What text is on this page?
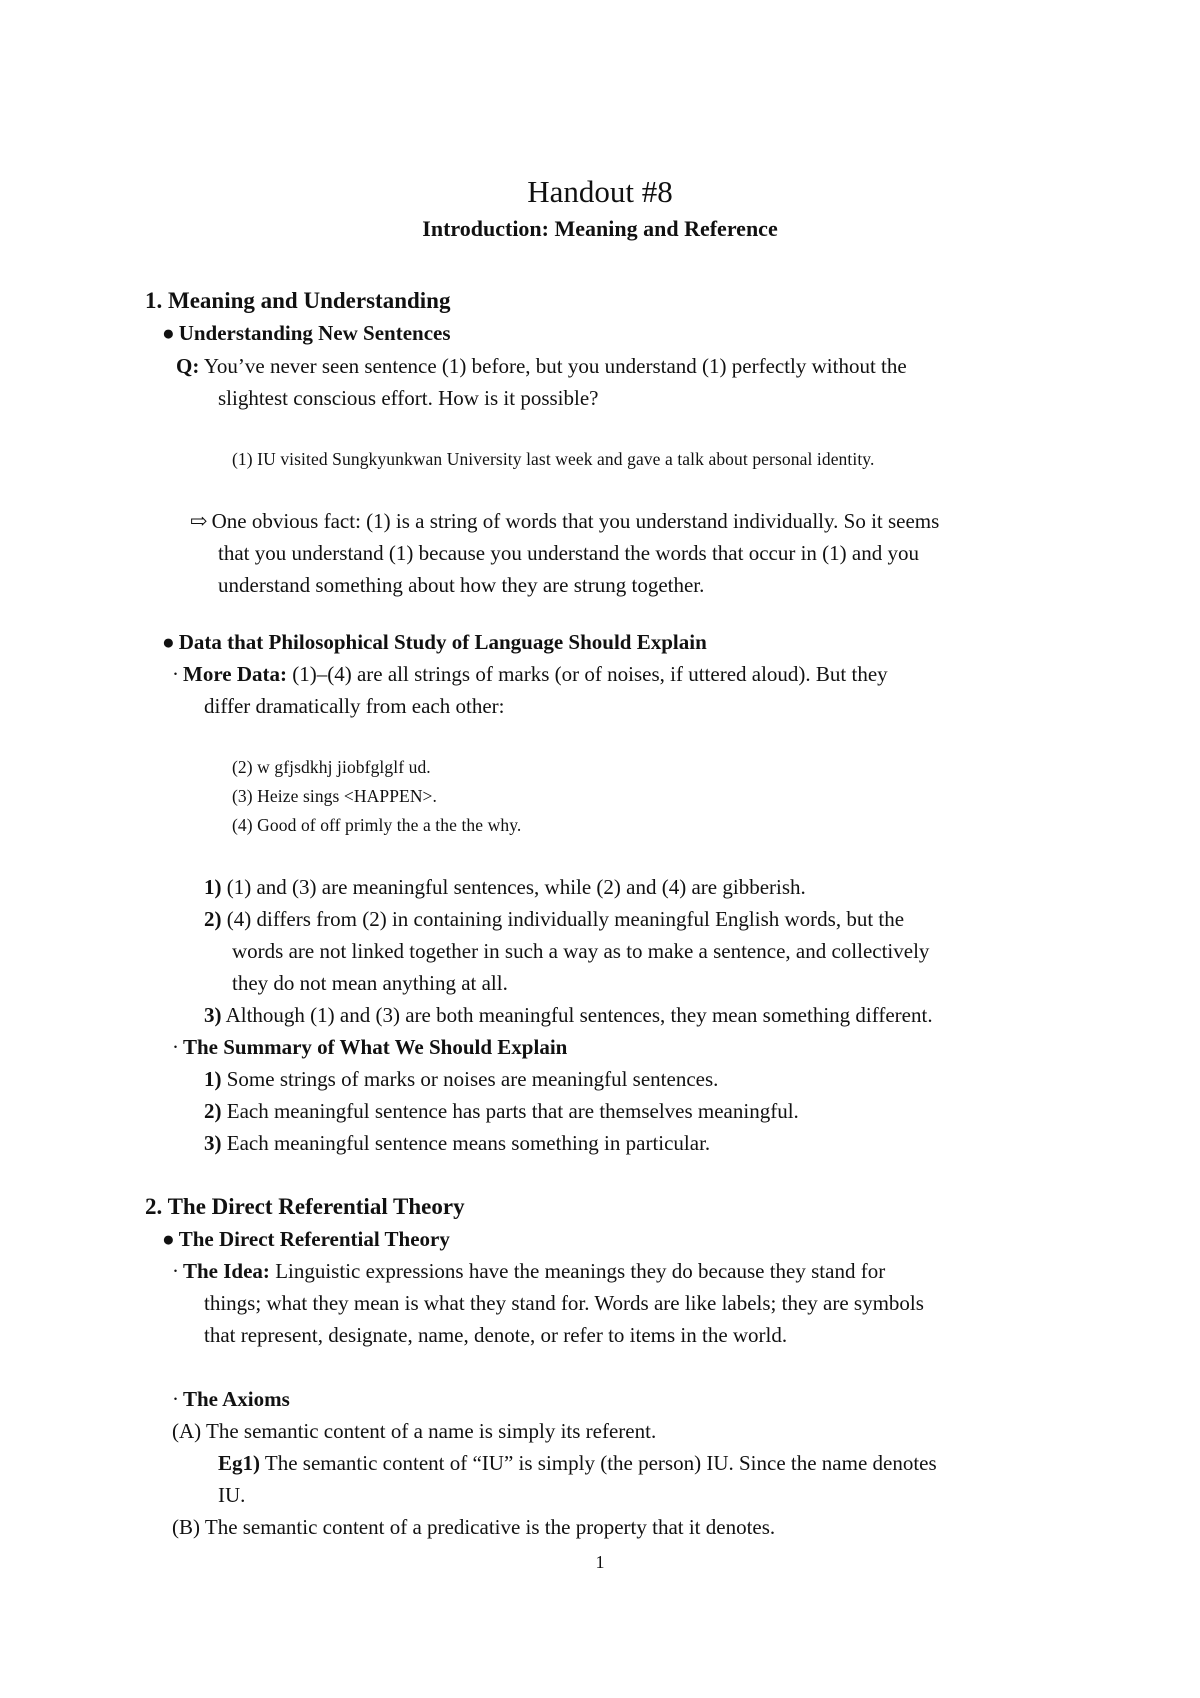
Handout #8
Introduction: Meaning and Reference
1. Meaning and Understanding
● Understanding New Sentences
Q: You’ve never seen sentence (1) before, but you understand (1) perfectly without the
slightest conscious effort. How is it possible?
(1) IU visited Sungkyunkwan University last week and gave a talk about personal identity.
⇨ One obvious fact: (1) is a string of words that you understand individually. So it seems
that you understand (1) because you understand the words that occur in (1) and you
understand something about how they are strung together.
● Data that Philosophical Study of Language Should Explain
· More Data: (1)–(4) are all strings of marks (or of noises, if uttered aloud). But they
differ dramatically from each other:
(2) w gfjsdkhj jiobfglglf ud.
(3) Heize sings <HAPPEN>.
(4) Good of off primly the a the the why.
1) (1) and (3) are meaningful sentences, while (2) and (4) are gibberish.
2) (4) differs from (2) in containing individually meaningful English words, but the
words are not linked together in such a way as to make a sentence, and collectively
they do not mean anything at all.
3) Although (1) and (3) are both meaningful sentences, they mean something different.
· The Summary of What We Should Explain
1) Some strings of marks or noises are meaningful sentences.
2) Each meaningful sentence has parts that are themselves meaningful.
3) Each meaningful sentence means something in particular.
2. The Direct Referential Theory
● The Direct Referential Theory
· The Idea: Linguistic expressions have the meanings they do because they stand for
things; what they mean is what they stand for. Words are like labels; they are symbols
that represent, designate, name, denote, or refer to items in the world.
· The Axioms
(A) The semantic content of a name is simply its referent.
Eg1) The semantic content of “IU” is simply (the person) IU. Since the name denotes
IU.
(B) The semantic content of a predicative is the property that it denotes.
1
